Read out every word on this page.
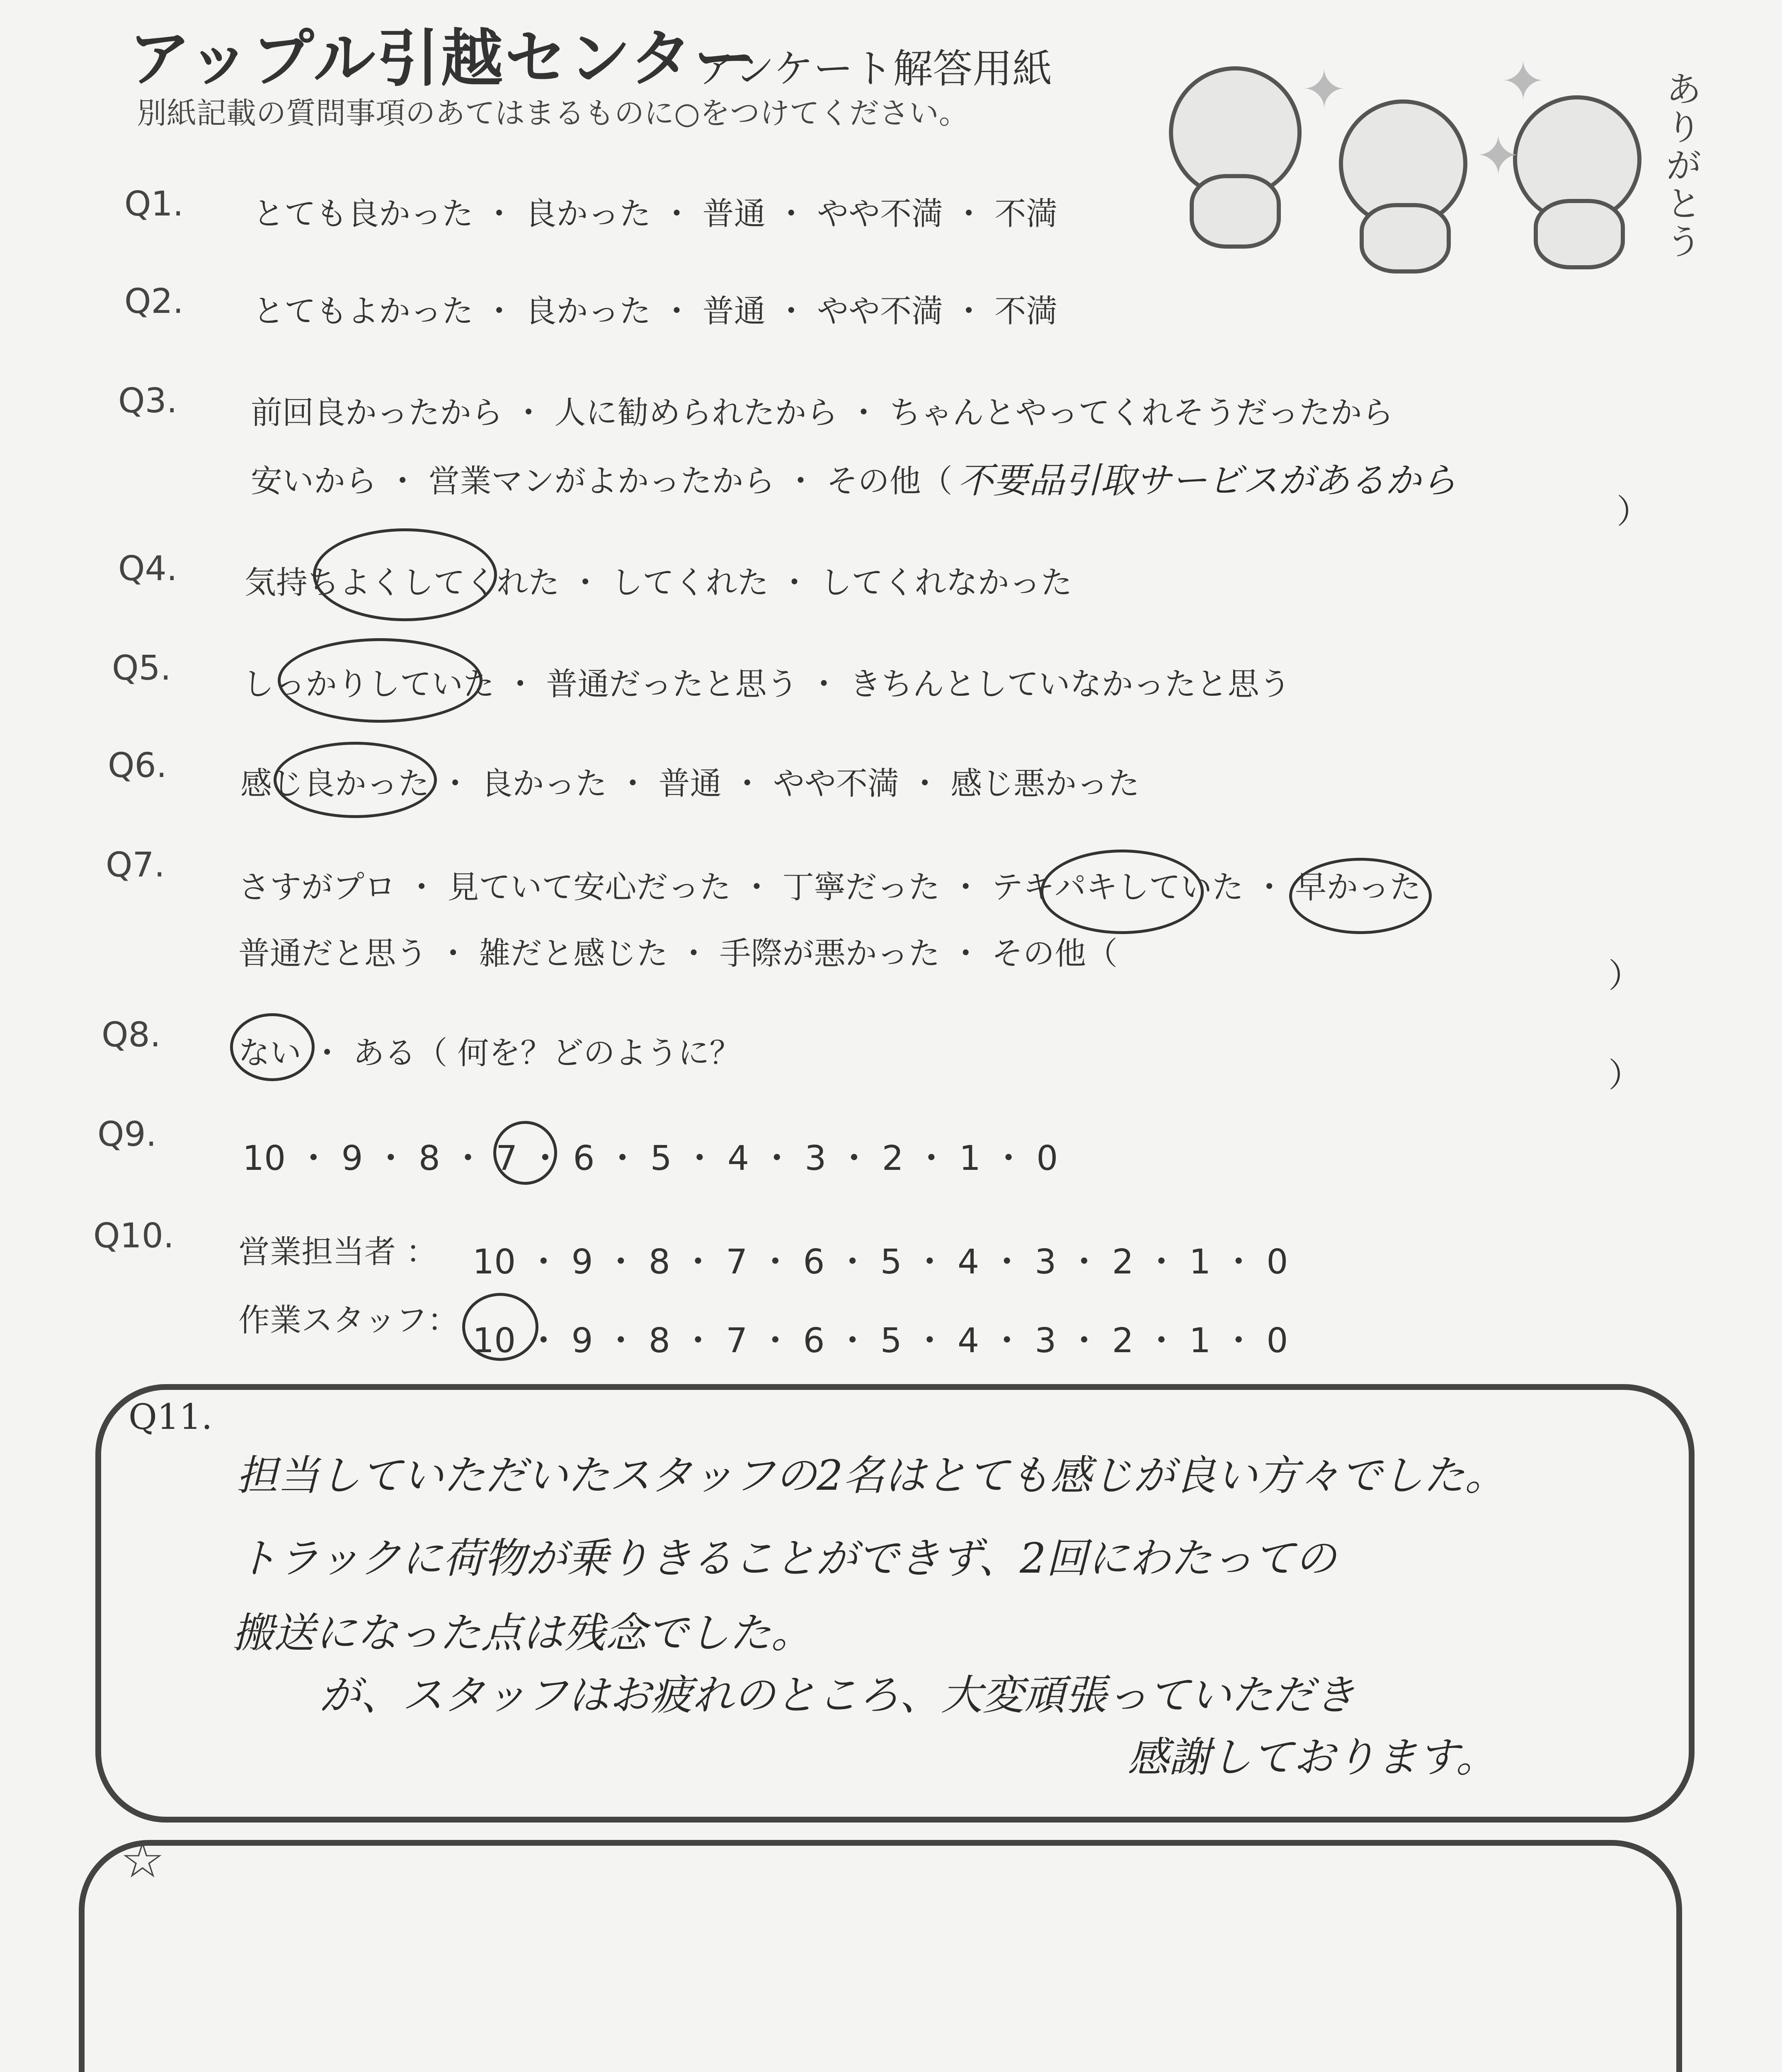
アップル引越センター
アンケート解答用紙
別紙記載の質問事項のあてはまるものに○をつけてください。	✦
✦
✦	ありがとう
Q1. とても良かった ・ 良かった ・ 普通 ・ やや不満 ・ 不満
Q2. とてもよかった ・ 良かった ・ 普通 ・ やや不満 ・ 不満
Q3. 前回良かったから ・ 人に勧められたから ・ ちゃんとやってくれそうだったから
安いから ・ 営業マンがよかったから ・ その他（ 不要品引取サービスがあるから
）
Q4. 気持ちよくしてくれた ・ してくれた ・ してくれなかった
Q5. しっかりしていた ・ 普通だったと思う ・ きちんとしていなかったと思う
Q6. 感じ良かった ・ 良かった ・ 普通 ・ やや不満 ・ 感じ悪かった
Q7.
さすがプロ ・ 見ていて安心だった ・ 丁寧だった ・ テキパキしていた ・ 早かった
普通だと思う ・ 雑だと感じた ・ 手際が悪かった ・ その他（
）
Q8. ない ・ ある（ 何を？どのように？
）
Q9.
10 ・ 9 ・ 8 ・ 7 ・ 6 ・ 5 ・ 4 ・ 3 ・ 2 ・ 1 ・ 0
Q10. 営業担当者 ： 10 ・ 9 ・ 8 ・ 7 ・ 6 ・ 5 ・ 4 ・ 3 ・ 2 ・ 1 ・ 0
作業スタッフ：
10 ・ 9 ・ 8 ・ 7 ・ 6 ・ 5 ・ 4 ・ 3 ・ 2 ・ 1 ・ 0
Q11.
担当していただいたスタッフの2名はとても感じが良い方々でした。
トラックに荷物が乗りきることができず、2回にわたっての
搬送になった点は残念でした。
が、スタッフはお疲れのところ、大変頑張っていただき
感謝しております。
☆
